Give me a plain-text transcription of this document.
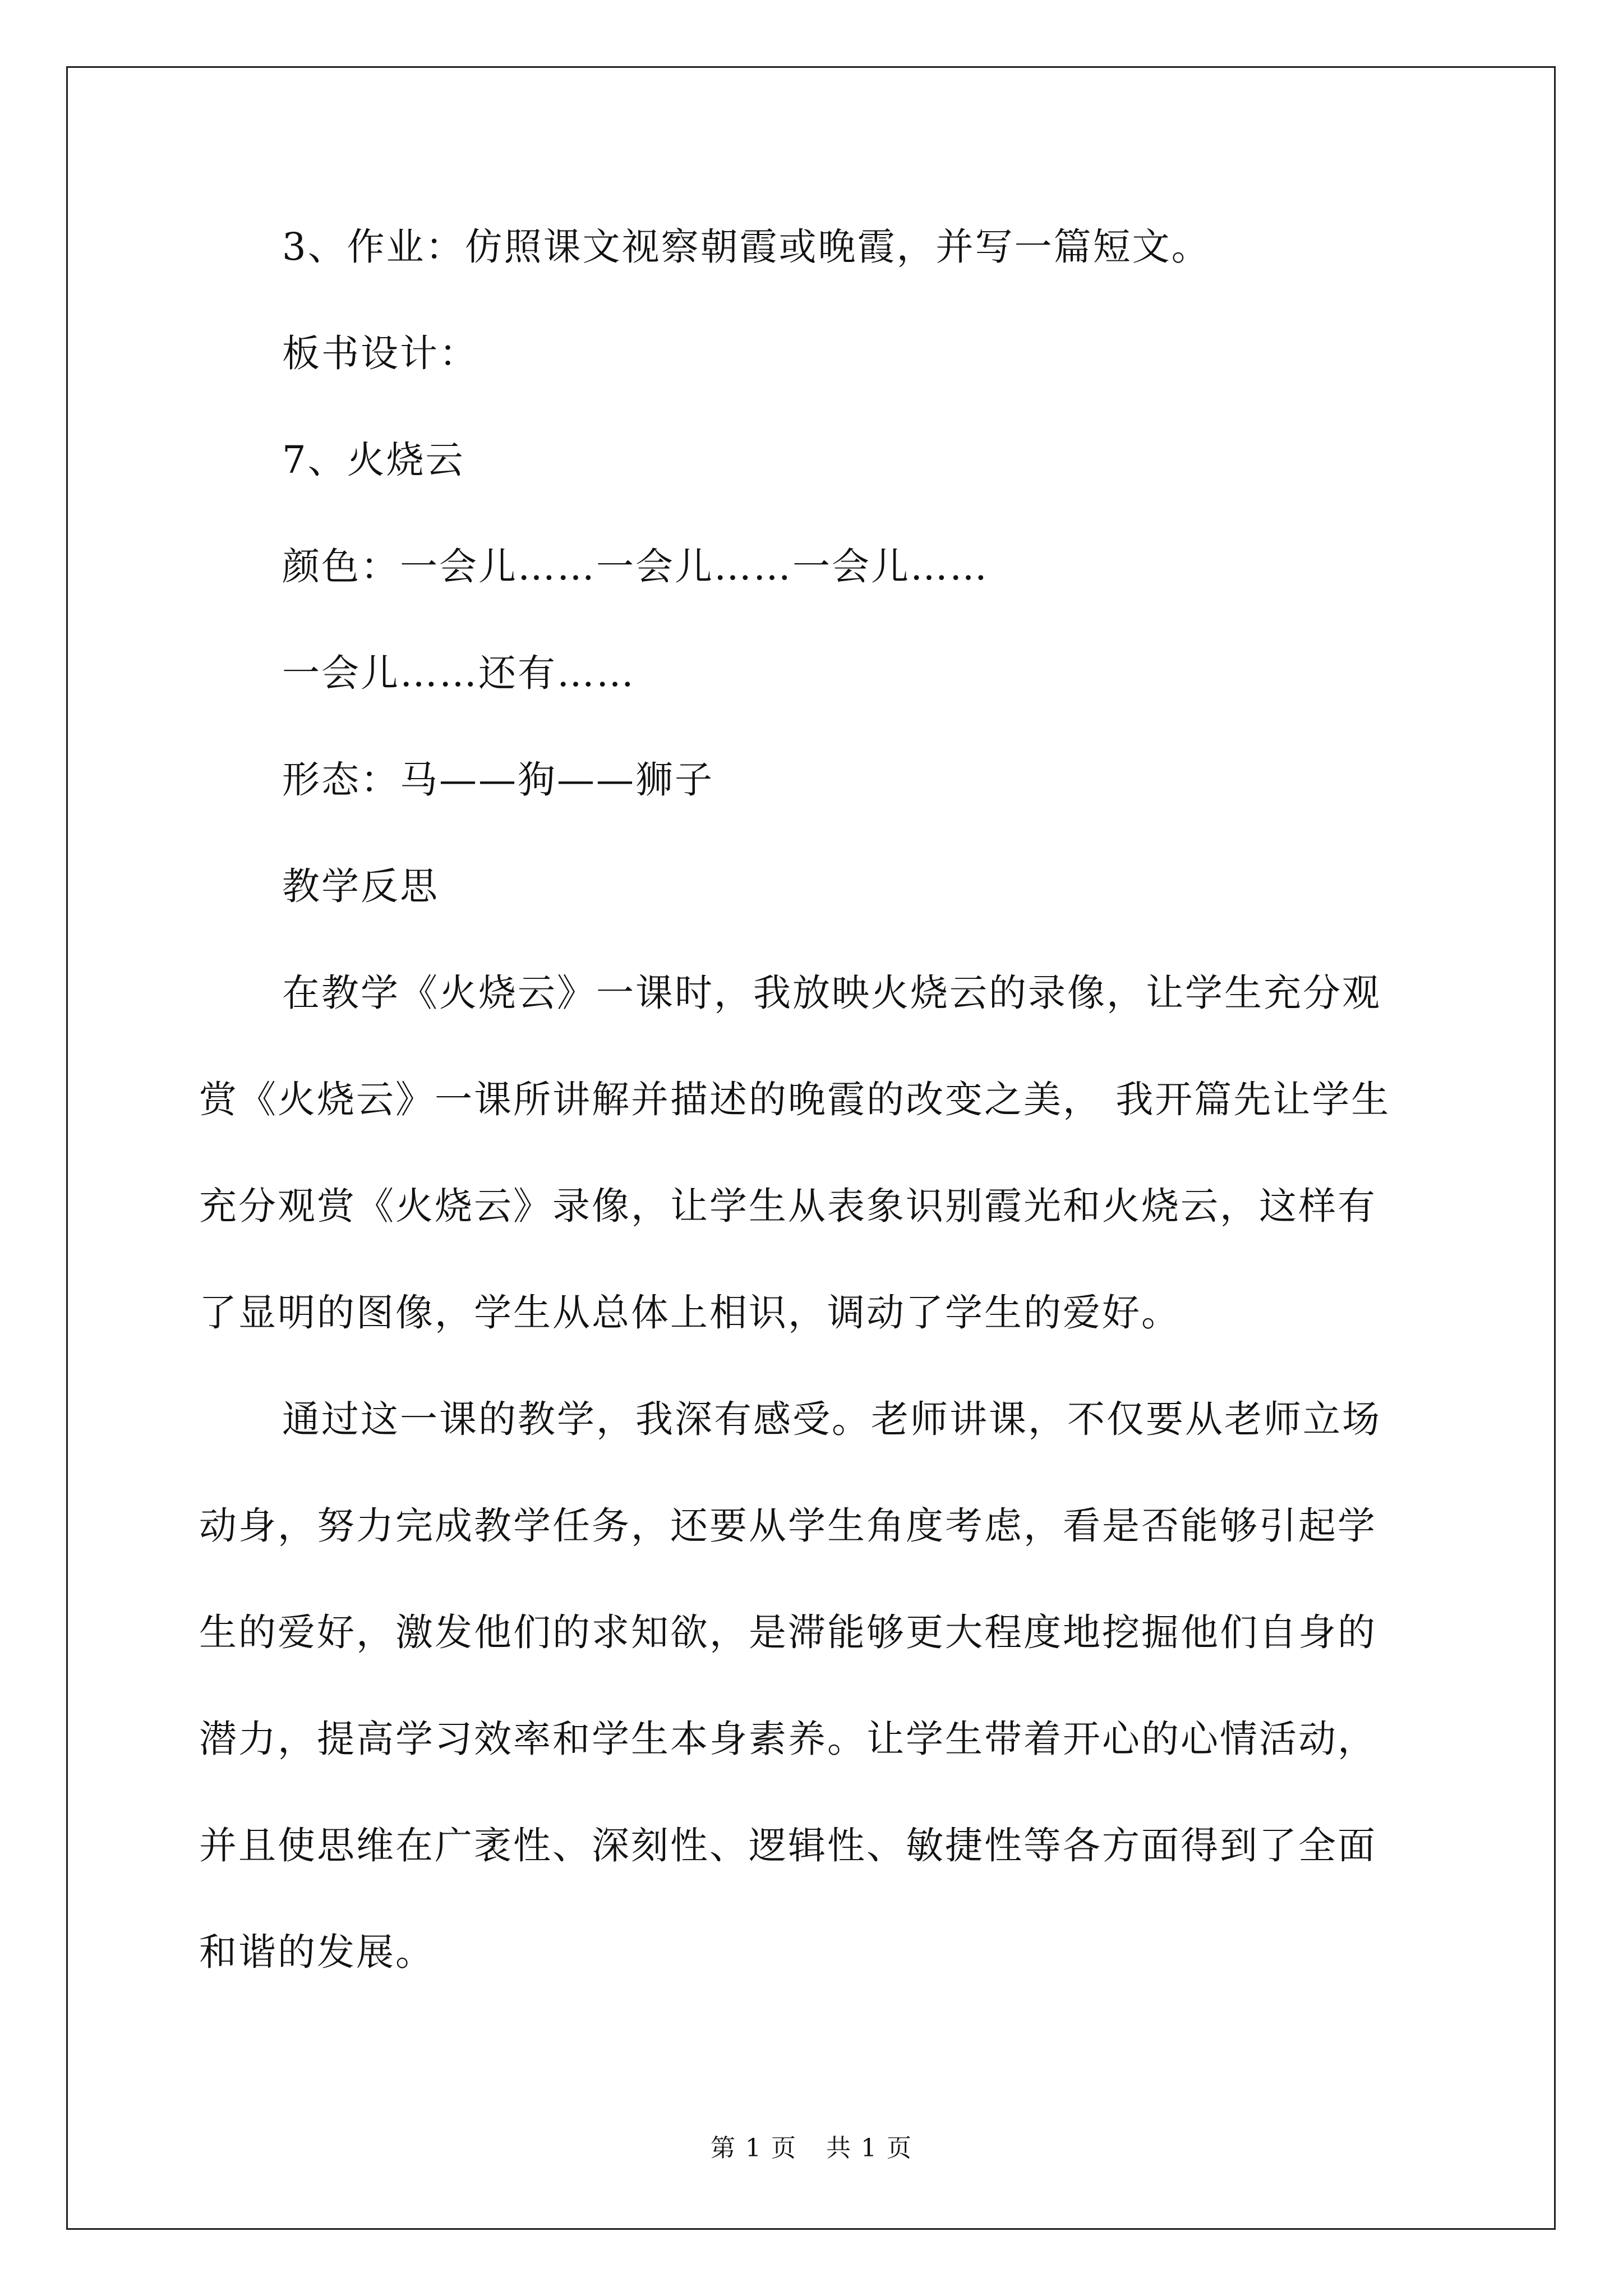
3、作业：仿照课文视察朝霞或晚霞，并写一篇短文。

板书设计：

7、火烧云

颜色：一会儿……一会儿……一会儿……

一会儿……还有……

形态：马——狗——狮子

教学反思

在教学《火烧云》一课时，我放映火烧云的录像，让学生充分观

赏《火烧云》一课所讲解并描述的晚霞的改变之美， 我开篇先让学生

充分观赏《火烧云》录像，让学生从表象识别霞光和火烧云，这样有

了显明的图像，学生从总体上相识，调动了学生的爱好。

通过这一课的教学，我深有感受。老师讲课，不仅要从老师立场

动身，努力完成教学任务，还要从学生角度考虑，看是否能够引起学

生的爱好，激发他们的求知欲，是滞能够更大程度地挖掘他们自身的

潜力，提高学习效率和学生本身素养。让学生带着开心的心情活动，

并且使思维在广袤性、深刻性、逻辑性、敏捷性等各方面得到了全面

和谐的发展。

第 1 页 共 1 页
